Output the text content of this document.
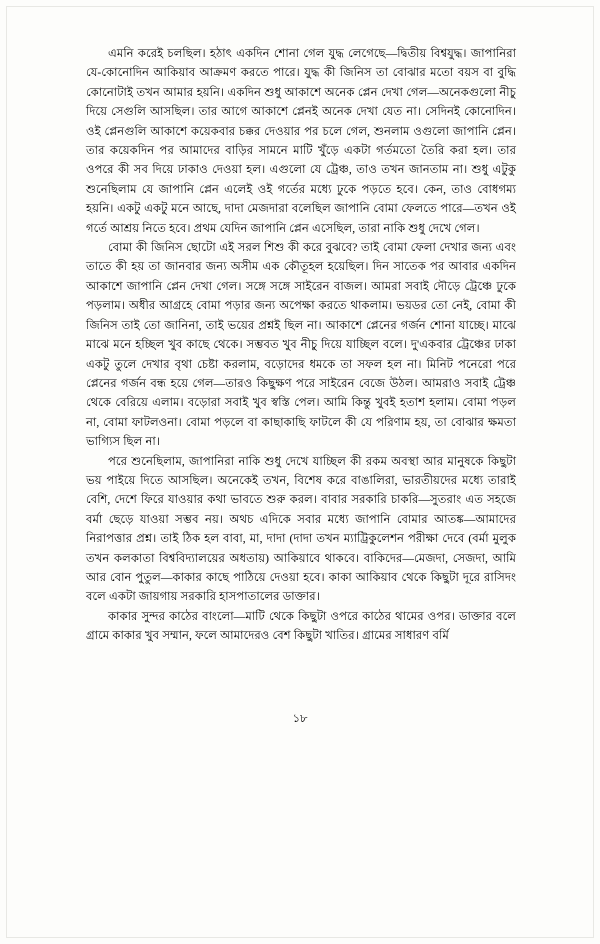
এমনি করেই চলছিল। হঠাৎ একদিন শোনা গেল যুদ্ধ লেগেছে—দ্বিতীয় বিশ্বযুদ্ধ। জাপানিরা যে-কোনোদিন আকিয়াব আক্রমণ করতে পারে। যুদ্ধ কী জিনিস তা বোঝার মতো বয়স বা বুদ্ধি কোনোটাই তখন আমার হয়নি। একদিন শুধু আকাশে অনেক প্লেন দেখা গেল—অনেকগুলো নীচু দিয়ে সেগুলি আসছিল। তার আগে আকাশে প্লেনই অনেক দেখা যেত না। সেদিনই কোনোদিন। ওই প্লেনগুলি আকাশে কয়েকবার চক্কর দেওয়ার পর চলে গেল, শুনলাম ওগুলো জাপানি প্লেন। তার কয়েকদিন পর আমাদের বাড়ির সামনে মাটি খুঁড়ে একটা গর্তমতো তৈরি করা হল। তার ওপরে কী সব দিয়ে ঢাকাও দেওয়া হল। এগুলো যে ট্রেঞ্চ, তাও তখন জানতাম না। শুধু এটুকু শুনেছিলাম যে জাপানি প্লেন এলেই ওই গর্তের মধ্যে ঢুকে পড়তে হবে। কেন, তাও বোধগম্য হয়নি। একটু একটু মনে আছে, দাদা মেজদারা বলেছিল জাপানি বোমা ফেলতে পারে—তখন ওই গর্তে আশ্রয় নিতে হবে। প্রথম যেদিন জাপানি প্লেন এসেছিল, তারা নাকি শুধু দেখে গেল।

বোমা কী জিনিস ছোটো এই সরল শিশু কী করে বুঝবে? তাই বোমা ফেলা দেখার জন্য এবং তাতে কী হয় তা জানবার জন্য অসীম এক কৌতূহল হয়েছিল। দিন সাতেক পর আবার একদিন আকাশে জাপানি প্লেন দেখা গেল। সঙ্গে সঙ্গে সাইরেন বাজল। আমরা সবাই দৌড়ে ট্রেঞ্চে ঢুকে পড়লাম। অধীর আগ্রহে বোমা পড়ার জন্য অপেক্ষা করতে থাকলাম। ভয়ডর তো নেই, বোমা কী জিনিস তাই তো জানিনা, তাই ভয়ের প্রশ্নই ছিল না। আকাশে প্লেনের গর্জন শোনা যাচ্ছে। মাঝে মাঝে মনে হচ্ছিল খুব কাছে থেকে। সম্ভবত খুব নীচু দিয়ে যাচ্ছিল বলে। দু'একবার ট্রেঞ্চের ঢাকা একটু তুলে দেখার বৃথা চেষ্টা করলাম, বড়োদের ধমকে তা সফল হল না। মিনিট পনেরো পরে প্লেনের গর্জন বন্ধ হয়ে গেল—তারও কিছুক্ষণ পরে সাইরেন বেজে উঠল। আমরাও সবাই ট্রেঞ্চ থেকে বেরিয়ে এলাম। বড়োরা সবাই খুব স্বস্তি পেল। আমি কিন্তু খুবই হতাশ হলাম। বোমা পড়ল না, বোমা ফাটলওনা। বোমা পড়লে বা কাছাকাছি ফাটলে কী যে পরিণাম হয়, তা বোঝার ক্ষমতা ভাগ্যিস ছিল না।

পরে শুনেছিলাম, জাপানিরা নাকি শুধু দেখে যাচ্ছিল কী রকম অবস্থা আর মানুষকে কিছুটা ভয় পাইয়ে দিতে আসছিল। অনেকেই তখন, বিশেষ করে বাঙালিরা, ভারতীয়দের মধ্যে তারাই বেশি, দেশে ফিরে যাওয়ার কথা ভাবতে শুরু করল। বাবার সরকারি চাকরি—সুতরাং এত সহজে বর্মা ছেড়ে যাওয়া সম্ভব নয়। অথচ এদিকে সবার মধ্যে জাপানি বোমার আতঙ্ক—আমাদের নিরাপত্তার প্রশ্ন। তাই ঠিক হল বাবা, মা, দাদা (দাদা তখন ম্যাট্রিকুলেশন পরীক্ষা দেবে (বর্মা মুলুক তখন কলকাতা বিশ্ববিদ্যালয়ের অধতায়) আকিয়াবে থাকবে। বাকিদের—মেজদা, সেজদা, আমি আর বোন পুতুল—কাকার কাছে পাঠিয়ে দেওয়া হবে। কাকা আকিয়াব থেকে কিছুটা দূরে রাসিদং বলে একটা জায়গায় সরকারি হাসপাতালের ডাক্তার।

কাকার সুন্দর কাঠের বাংলো—মাটি থেকে কিছুটা ওপরে কাঠের থামের ওপর। ডাক্তার বলে গ্রামে কাকার খুব সম্মান, ফলে আমাদেরও বেশ কিছুটা খাতির। গ্রামের সাধারণ বর্মি

১৮
